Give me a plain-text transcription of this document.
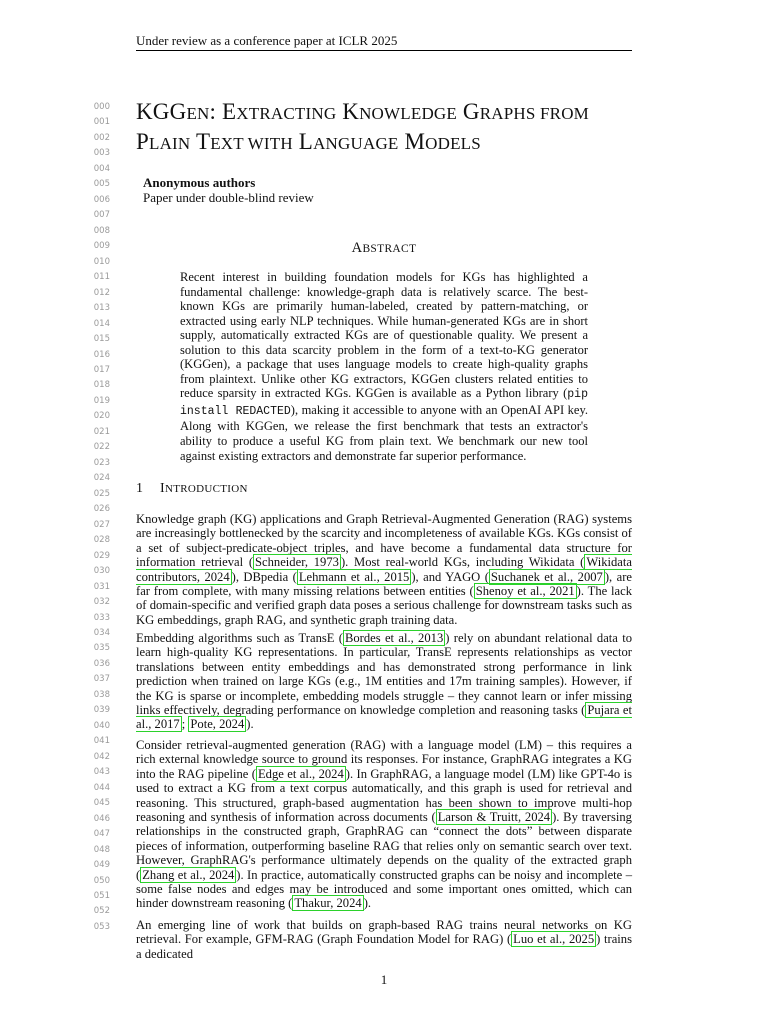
Under review as a conference paper at ICLR 2025
000
001
002
003
004
005
006
007
008
009
010
011
012
013
014
015
016
017
018
019
020
021
022
023
024
025
026
027
028
029
030
031
032
033
034
035
036
037
038
039
040
041
042
043
044
045
046
047
048
049
050
051
052
053
KGGEN: EXTRACTING KNOWLEDGE GRAPHS FROM
PLAIN TEXT WITH LANGUAGE MODELS
Anonymous authors
Paper under double-blind review
ABSTRACT
Recent interest in building foundation models for KGs has highlighted a fundamental challenge: knowledge-graph data is relatively scarce. The best-known KGs are primarily human-labeled, created by pattern-matching, or extracted using early NLP techniques. While human-generated KGs are in short supply, automatically extracted KGs are of questionable quality. We present a solution to this data scarcity problem in the form of a text-to-KG generator (KGGen), a package that uses language models to create high-quality graphs from plaintext. Unlike other KG extractors, KGGen clusters related entities to reduce sparsity in extracted KGs. KGGen is available as a Python library (pip install REDACTED), making it accessible to anyone with an OpenAI API key. Along with KGGen, we release the first benchmark that tests an extractor's ability to produce a useful KG from plain text. We benchmark our new tool against existing extractors and demonstrate far superior performance.
1 INTRODUCTION
Knowledge graph (KG) applications and Graph Retrieval-Augmented Generation (RAG) systems are increasingly bottlenecked by the scarcity and incompleteness of available KGs. KGs consist of a set of subject-predicate-object triples, and have become a fundamental data structure for information retrieval ( Schneider, 1973 ). Most real-world KGs, including Wikidata ( Wikidata contributors, 2024 ), DBpedia ( Lehmann et al., 2015 ), and YAGO ( Suchanek et al., 2007 ), are far from complete, with many missing relations between entities ( Shenoy et al., 2021 ). The lack of domain-specific and verified graph data poses a serious challenge for downstream tasks such as KG embeddings, graph RAG, and synthetic graph training data.
Embedding algorithms such as TransE ( Bordes et al., 2013 ) rely on abundant relational data to learn high-quality KG representations. In particular, TransE represents relationships as vector translations between entity embeddings and has demonstrated strong performance in link prediction when trained on large KGs (e.g., 1M entities and 17m training samples). However, if the KG is sparse or incomplete, embedding models struggle – they cannot learn or infer missing links effectively, degrading performance on knowledge completion and reasoning tasks ( Pujara et al., 2017 ; Pote, 2024 ).
Consider retrieval-augmented generation (RAG) with a language model (LM) – this requires a rich external knowledge source to ground its responses. For instance, GraphRAG integrates a KG into the RAG pipeline ( Edge et al., 2024 ). In GraphRAG, a language model (LM) like GPT-4o is used to extract a KG from a text corpus automatically, and this graph is used for retrieval and reasoning. This structured, graph-based augmentation has been shown to improve multi-hop reasoning and synthesis of information across documents ( Larson & Truitt, 2024 ). By traversing relationships in the constructed graph, GraphRAG can “connect the dots” between disparate pieces of information, outperforming baseline RAG that relies only on semantic search over text. However, GraphRAG's performance ultimately depends on the quality of the extracted graph ( Zhang et al., 2024 ). In practice, automatically constructed graphs can be noisy and incomplete – some false nodes and edges may be introduced and some important ones omitted, which can hinder downstream reasoning ( Thakur, 2024 ).
An emerging line of work that builds on graph-based RAG trains neural networks on KG retrieval. For example, GFM-RAG (Graph Foundation Model for RAG) ( Luo et al., 2025 ) trains a dedicated
1
